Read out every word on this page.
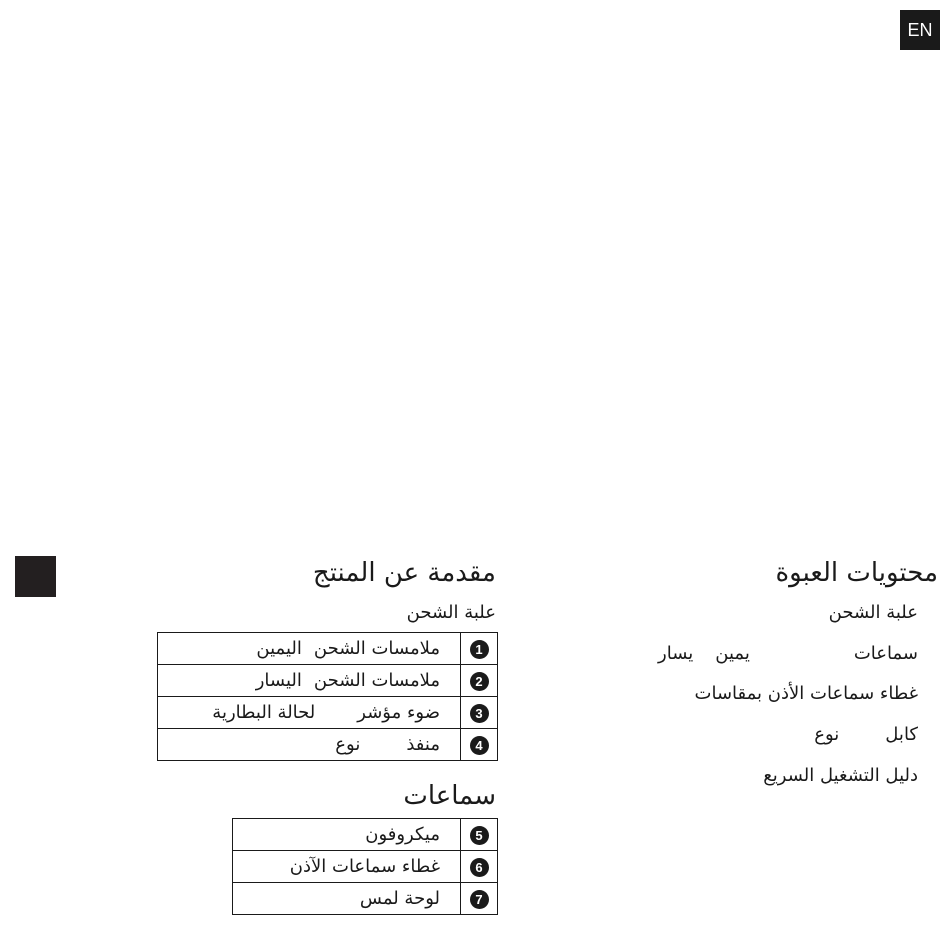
EN
مقدمة عن المنتج
علبة الشحن
1	ملامسات الشحناليمين
2	ملامسات الشحناليسار
3	ضوء مؤشرلحالة البطارية
4	منفذنوع
سماعات
5	ميكروفون
6	غطاء سماعات الآذن
7	لوحة لمس
محتويات العبوة
علبة الشحن
سماعاتيمينيسار
غطاء سماعات الأذن بمقاسات
كابلنوع
دليل التشغيل السريع
